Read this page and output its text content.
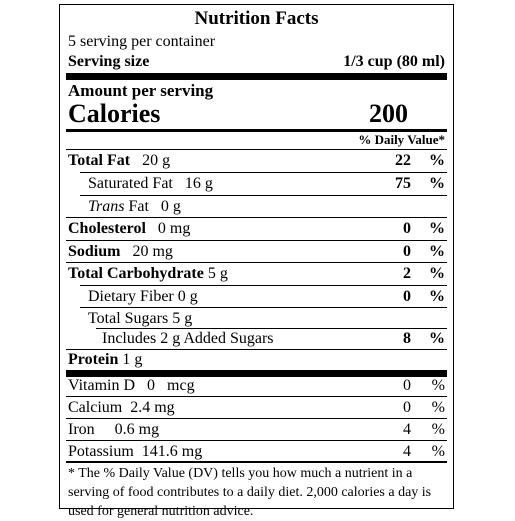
Nutrition Facts
5 serving per container
Serving size	1/3 cup (80 ml)
Amount per serving
Calories	200
% Daily Value*
Total Fat 20 g	22 %
Saturated Fat 16 g	75 %
Trans Fat 0 g
Cholesterol 0 mg	0 %
Sodium 20 mg	0 %
Total Carbohydrate 5 g	2 %
Dietary Fiber 0 g	0 %
Total Sugars 5 g
Includes 2 g Added Sugars	8 %
Protein 1 g
Vitamin D 0 mcg	0 %
Calcium 2.4 mg	0 %
Iron 0.6 mg	4 %
Potassium 141.6 mg	4 %
* The % Daily Value (DV) tells you how much a nutrient in a serving of food contributes to a daily diet. 2,000 calories a day is used for general nutrition advice.
